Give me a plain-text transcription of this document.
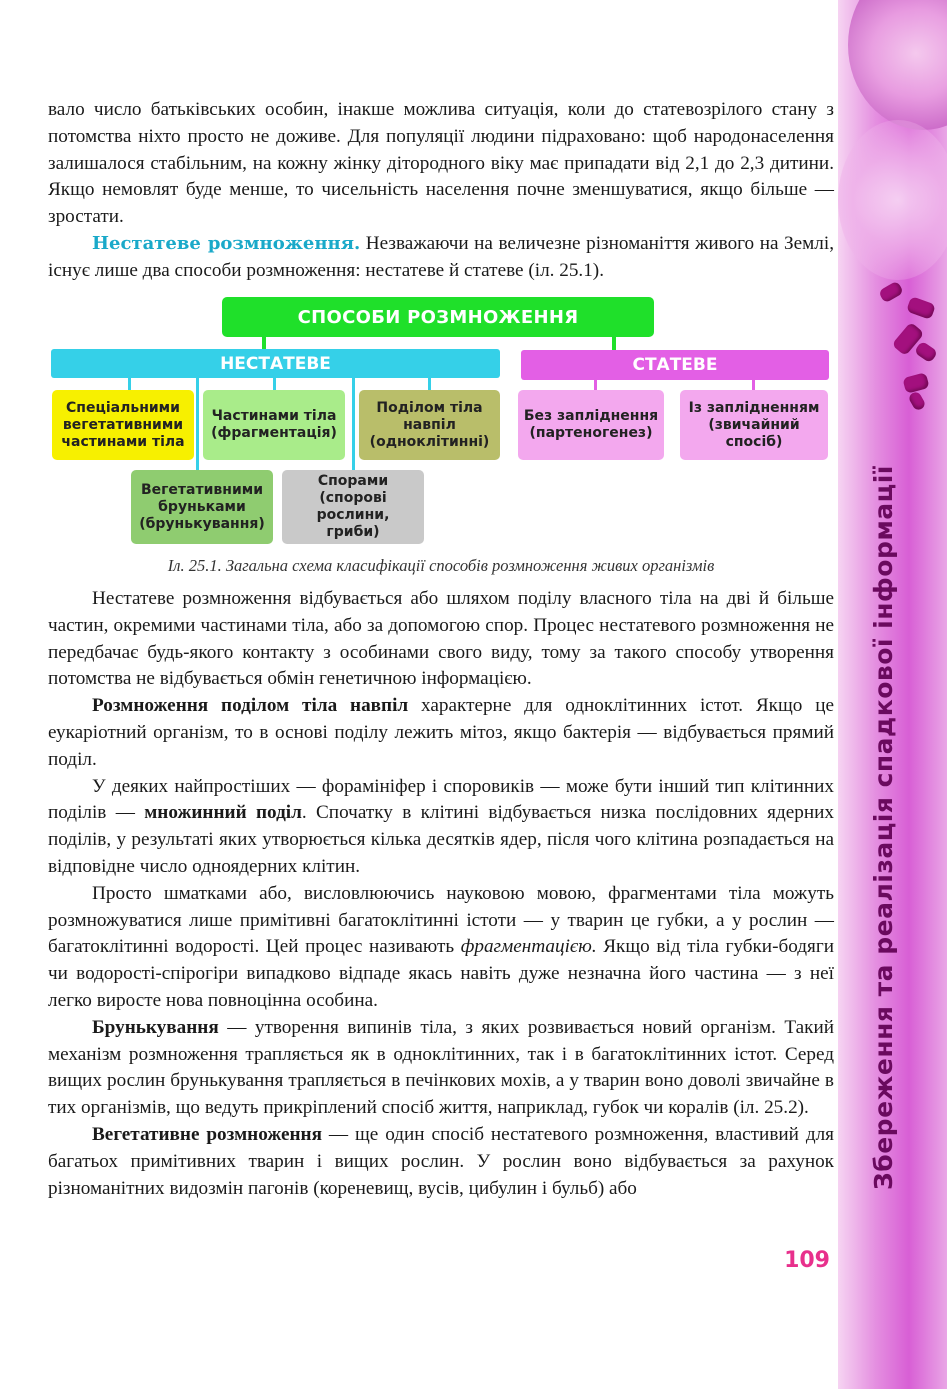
Збереження та реалізація спадкової інформації

вало число батьківських особин, інакше можлива ситуація, коли до статевозрілого стану з потомства ніхто просто не доживе. Для популяції людини підраховано: щоб народонаселення залишалося стабільним, на кожну жінку дітородного віку має припадати від 2,1 до 2,3 дитини. Якщо немовлят буде менше, то чисельність населення почне зменшуватися, якщо більше — зростати.

Нестатеве розмноження. Незважаючи на величезне різноманіття живого на Землі, існує лише два способи розмноження: нестатеве й статеве (іл. 25.1).

СПОСОБИ РОЗМНОЖЕННЯ
НЕСТАТЕВЕ	СТАТЕВЕ
Спеціальними
вегетативними
частинами тіла
Частинами тіла
(фрагментація)
Поділом тіла
навпіл
(одноклітинні)
Вегетативними
бруньками
(брунькування)
Спорами
(спорові рослини,
гриби)
Без запліднення
(партеногенез)
Із заплідненням
(звичайний
спосіб)
Іл. 25.1. Загальна схема класифікації способів розмноження живих організмів

Нестатеве розмноження відбувається або шляхом поділу власного тіла на дві й більше частин, окремими частинами тіла, або за допомогою спор. Процес нестатевого розмноження не передбачає будь-якого контакту з особинами свого виду, тому за такого способу утворення потомства не відбувається обмін генетичною інформацією.

Розмноження поділом тіла навпіл характерне для одноклітинних істот. Якщо це еукаріотний організм, то в основі поділу лежить мітоз, якщо бактерія — відбувається прямий поділ.

У деяких найпростіших — форамініфер і споровиків — може бути інший тип клітинних поділів — множинний поділ. Спочатку в клітині відбувається низка послідовних ядерних поділів, у результаті яких утворюється кілька десятків ядер, після чого клітина розпадається на відповідне число одноядерних клітин.

Просто шматками або, висловлюючись науковою мовою, фрагментами тіла можуть розмножуватися лише примітивні багатоклітинні істоти — у тварин це губки, а у рослин — багатоклітинні водорості. Цей процес називають фрагментацією. Якщо від тіла губки-бодяги чи водорості-спірогіри випадково відпаде якась навіть дуже незначна його частина — з неї легко виросте нова повноцінна особина.

Брунькування — утворення випинів тіла, з яких розвивається новий організм. Такий механізм розмноження трапляється як в одноклітинних, так і в багатоклітинних істот. Серед вищих рослин брунькування трапляється в печінкових мохів, а у тварин воно доволі звичайне в тих організмів, що ведуть прикріплений спосіб життя, наприклад, губок чи коралів (іл. 25.2).

Вегетативне розмноження — ще один спосіб нестатевого розмноження, властивий для багатьох примітивних тварин і вищих рослин. У рослин воно відбувається за рахунок різноманітних видозмін пагонів (кореневищ, вусів, цибулин і бульб) або

109
